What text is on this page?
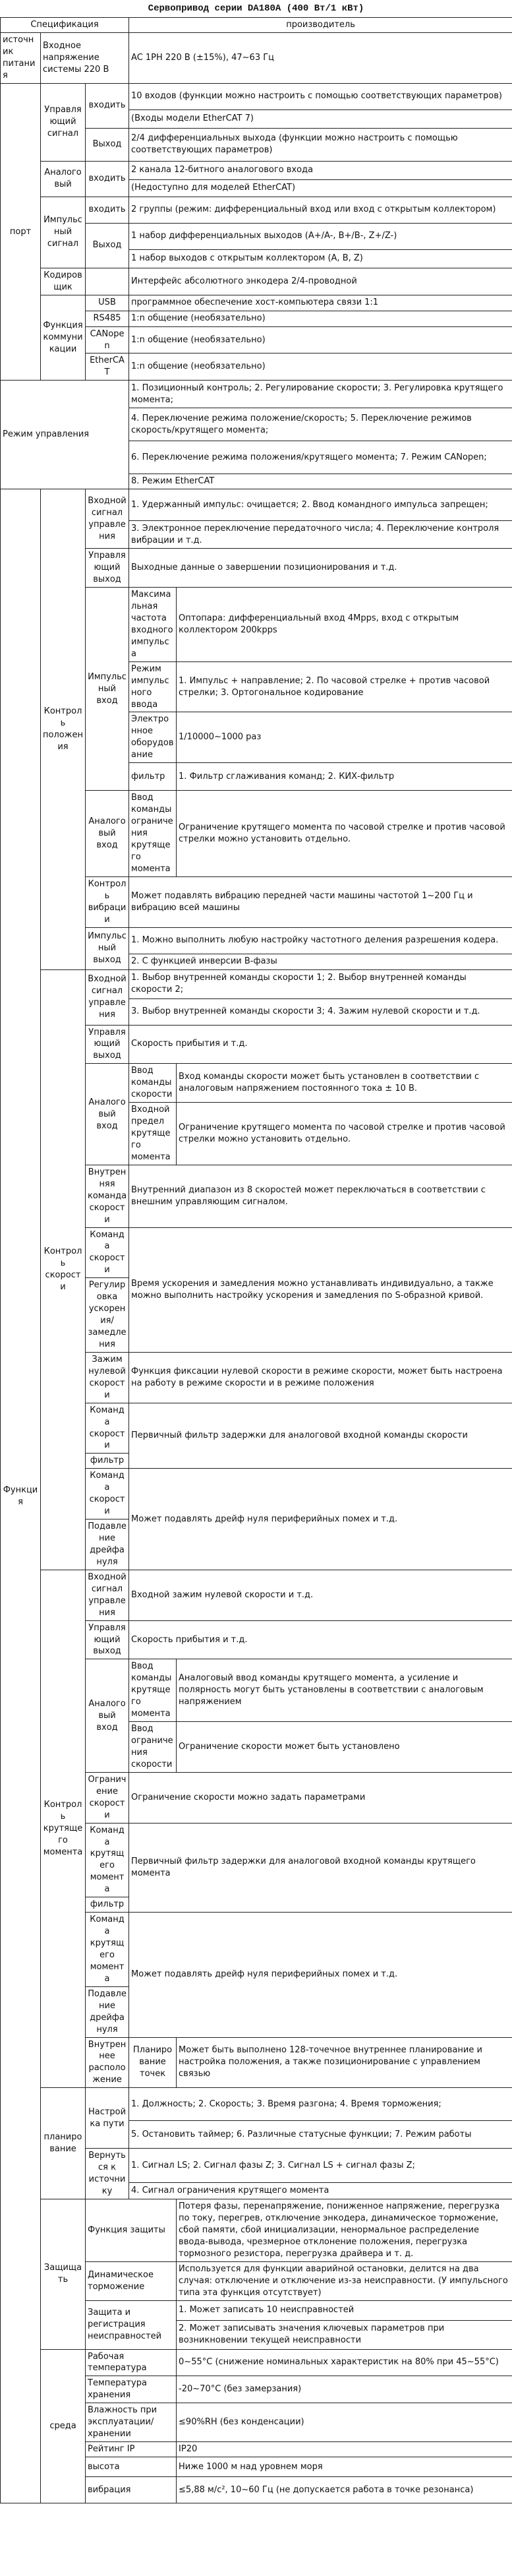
Сервопривод серии DA180A (400 Вт/1 кВт)
Спецификация			производитель	
источник питания	Входное напряжение системы 220 В		AC 1PH 220 В (±15%), 47~63 Гц	
порт	Управляющий сигнал	входить	10 входов (функции можно настроить с помощью соответствующих параметров)	
			(Входы модели EtherCAT 7)	
		Выход	2/4 дифференциальных выхода (функции можно настроить с помощью соответствующих параметров)	
	Аналоговый	входить	2 канала 12-битного аналогового входа	
			(Недоступно для моделей EtherCAT)	
	Импульсный сигнал	входить	2 группы (режим: дифференциальный вход или вход с открытым коллектором)	
		Выход	1 набор дифференциальных выходов (A+/A-, B+/B-, Z+/Z-)	
			1 набор выходов с открытым коллектором (A, B, Z)	
	Кодировщик		Интерфейс абсолютного энкодера 2/4-проводной	
	Функция коммуникации	USB	программное обеспечение хост-компьютера связи 1:1	
		RS485	1:n общение (необязательно)	
		CANopen	1:n общение (необязательно)	
		EtherCAT	1:n общение (необязательно)	
Режим управления			1. Позиционный контроль; 2. Регулирование скорости; 3. Регулировка крутящего момента;	
			4. Переключение режима положение/скорость; 5. Переключение режимов скорость/крутящего момента;	
			6. Переключение режима положения/крутящего момента; 7. Режим CANopen;	
			8. Режим EtherCAT	
Функция	Контроль положения	Входной сигнал управления	1. Удержанный импульс: очищается; 2. Ввод командного импульса запрещен;	
			3. Электронное переключение передаточного числа; 4. Переключение контроля вибрации и т.д.	
		Управляющий выход	Выходные данные о завершении позиционирования и т.д.	
		Импульсный вход	Максимальная частота входного импульса	Оптопара: дифференциальный вход 4Mpps, вход с открытым коллектором 200kpps
			Режим импульсного ввода	1. Импульс + направление; 2. По часовой стрелке + против часовой стрелки; 3. Ортогональное кодирование
			Электронное оборудование	1/10000~1000 раз
			фильтр	1. Фильтр сглаживания команд; 2. КИХ-фильтр
		Аналоговый вход	Ввод команды ограничения крутящего момента	Ограничение крутящего момента по часовой стрелке и против часовой стрелки можно установить отдельно.
		Контроль вибрации	Может подавлять вибрацию передней части машины частотой 1~200 Гц и вибрацию всей машины	
		Импульсный выход	1. Можно выполнить любую настройку частотного деления разрешения кодера.	
			2. С функцией инверсии B-фазы	
	Контроль скорости	Входной сигнал управления	1. Выбор внутренней команды скорости 1; 2. Выбор внутренней команды скорости 2;	
			3. Выбор внутренней команды скорости 3; 4. Зажим нулевой скорости и т.д.	
		Управляющий выход	Скорость прибытия и т.д.	
		Аналоговый вход	Ввод команды скорости	Вход команды скорости может быть установлен в соответствии с аналоговым напряжением постоянного тока ± 10 В.
			Входной предел крутящего момента	Ограничение крутящего момента по часовой стрелке и против часовой стрелки можно установить отдельно.
		Внутренняя команда скорости	Внутренний диапазон из 8 скоростей может переключаться в соответствии с внешним управляющим сигналом.	
		Команда скорости	Время ускорения и замедления можно устанавливать индивидуально, а также можно выполнить настройку ускорения и замедления по S-образной кривой.	
		Регулировка ускорения/замедления		
		Зажим нулевой скорости	Функция фиксации нулевой скорости в режиме скорости, может быть настроена на работу в режиме скорости и в режиме положения	
		Команда скорости	Первичный фильтр задержки для аналоговой входной команды скорости	
		фильтр		
		Команда скорости	Может подавлять дрейф нуля периферийных помех и т.д.	
		Подавление дрейфа нуля		
	Контроль крутящего момента	Входной сигнал управления	Входной зажим нулевой скорости и т.д.	
		Управляющий выход	Скорость прибытия и т.д.	
		Аналоговый вход	Ввод команды крутящего момента	Аналоговый ввод команды крутящего момента, а усиление и полярность могут быть установлены в соответствии с аналоговым напряжением
			Ввод ограничения скорости	Ограничение скорости может быть установлено
		Ограничение скорости	Ограничение скорости можно задать параметрами	
		Команда крутящего момента	Первичный фильтр задержки для аналоговой входной команды крутящего момента	
		фильтр		
		Команда крутящего момента	Может подавлять дрейф нуля периферийных помех и т.д.	
		Подавление дрейфа нуля		
		Внутреннее расположение	Планирование точек	Может быть выполнено 128-точечное внутреннее планирование и настройка положения, а также позиционирование с управлением связью
	планирование	Настройка пути	1. Должность; 2. Скорость; 3. Время разгона; 4. Время торможения;	
			5. Остановить таймер; 6. Различные статусные функции; 7. Режим работы	
		Вернуться к источнику	1. Сигнал LS; 2. Сигнал фазы Z; 3. Сигнал LS + сигнал фазы Z;	
			4. Сигнал ограничения крутящего момента	
	Защищать	Функция защиты		Потеря фазы, перенапряжение, пониженное напряжение, перегрузка по току, перегрев, отключение энкодера, динамическое торможение, сбой памяти, сбой инициализации, ненормальное распределение ввода-вывода, чрезмерное отклонение положения, перегрузка тормозного резистора, перегрузка драйвера и т. д.
		Динамическое торможение		Используется для функции аварийной остановки, делится на два случая: отключение и отключение из-за неисправности. (У импульсного типа эта функция отсутствует)
		Защита и регистрация неисправностей		1. Может записать 10 неисправностей
				2. Может записывать значения ключевых параметров при возникновении текущей неисправности
	среда	Рабочая температура		0~55°C (снижение номинальных характеристик на 80% при 45~55°C)
		Температура хранения		-20~70°C (без замерзания)
		Влажность при эксплуатации/хранении		≤90%RH (без конденсации)
		Рейтинг IP		IP20
		высота		Ниже 1000 м над уровнем моря
		вибрация		≤5,88 м/с², 10~60 Гц (не допускается работа в точке резонанса)
